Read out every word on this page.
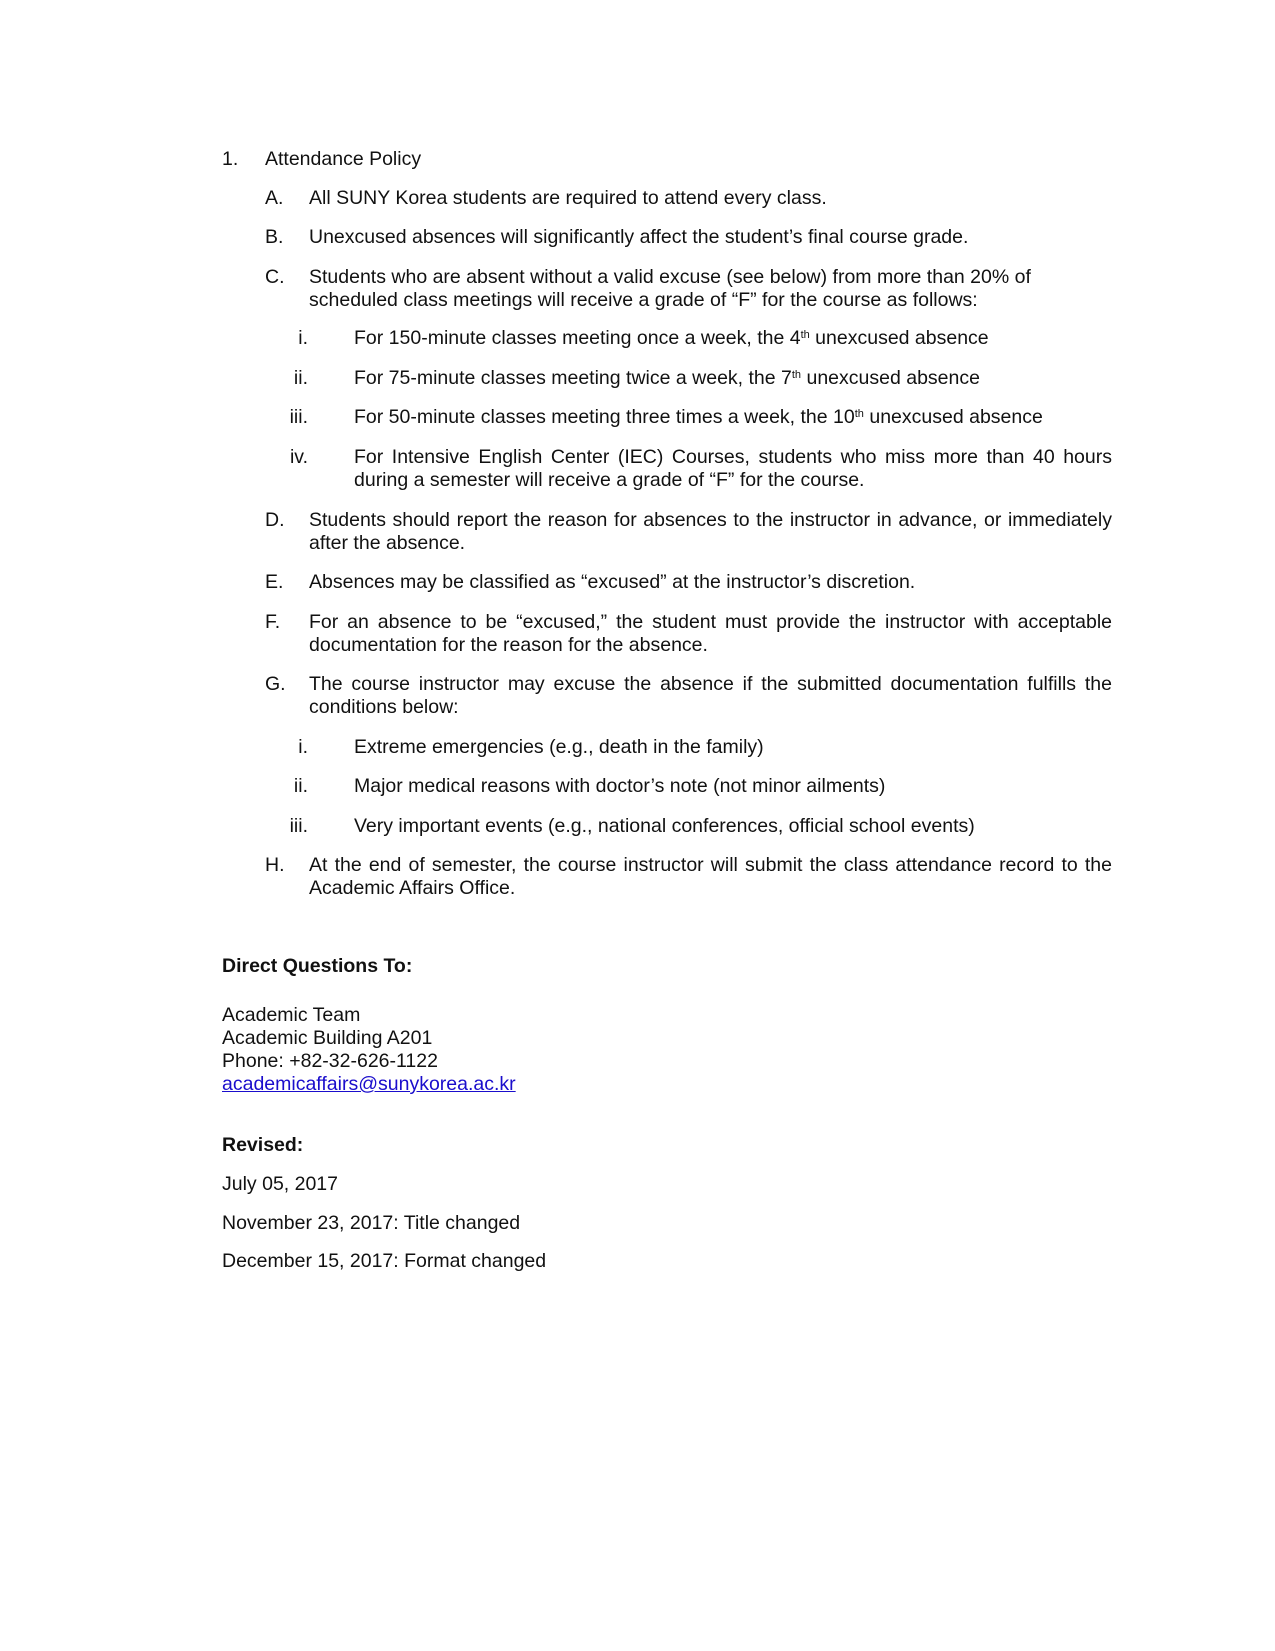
1.	Attendance Policy
A.	All SUNY Korea students are required to attend every class.
B.	Unexcused absences will significantly affect the student’s final course grade.
C.	Students who are absent without a valid excuse (see below) from more than 20% of scheduled class meetings will receive a grade of “F” for the course as follows:
i.	For 150-minute classes meeting once a week, the 4th unexcused absence
ii.	For 75-minute classes meeting twice a week, the 7th unexcused absence
iii.	For 50-minute classes meeting three times a week, the 10th unexcused absence
iv.	For Intensive English Center (IEC) Courses, students who miss more than 40 hours during a semester will receive a grade of “F” for the course.
D.	Students should report the reason for absences to the instructor in advance, or immediately after the absence.
E.	Absences may be classified as “excused” at the instructor’s discretion.
F.	For an absence to be “excused,” the student must provide the instructor with acceptable documentation for the reason for the absence.
G.	The course instructor may excuse the absence if the submitted documentation fulfills the conditions below:
i.	Extreme emergencies (e.g., death in the family)
ii.	Major medical reasons with doctor’s note (not minor ailments)
iii.	Very important events (e.g., national conferences, official school events)
H.	At the end of semester, the course instructor will submit the class attendance record to the Academic Affairs Office.
Direct Questions To:
Academic Team
Academic Building A201
Phone: +82-32-626-1122
academicaffairs@sunykorea.ac.kr
Revised:
July 05, 2017
November 23, 2017: Title changed
December 15, 2017: Format changed
